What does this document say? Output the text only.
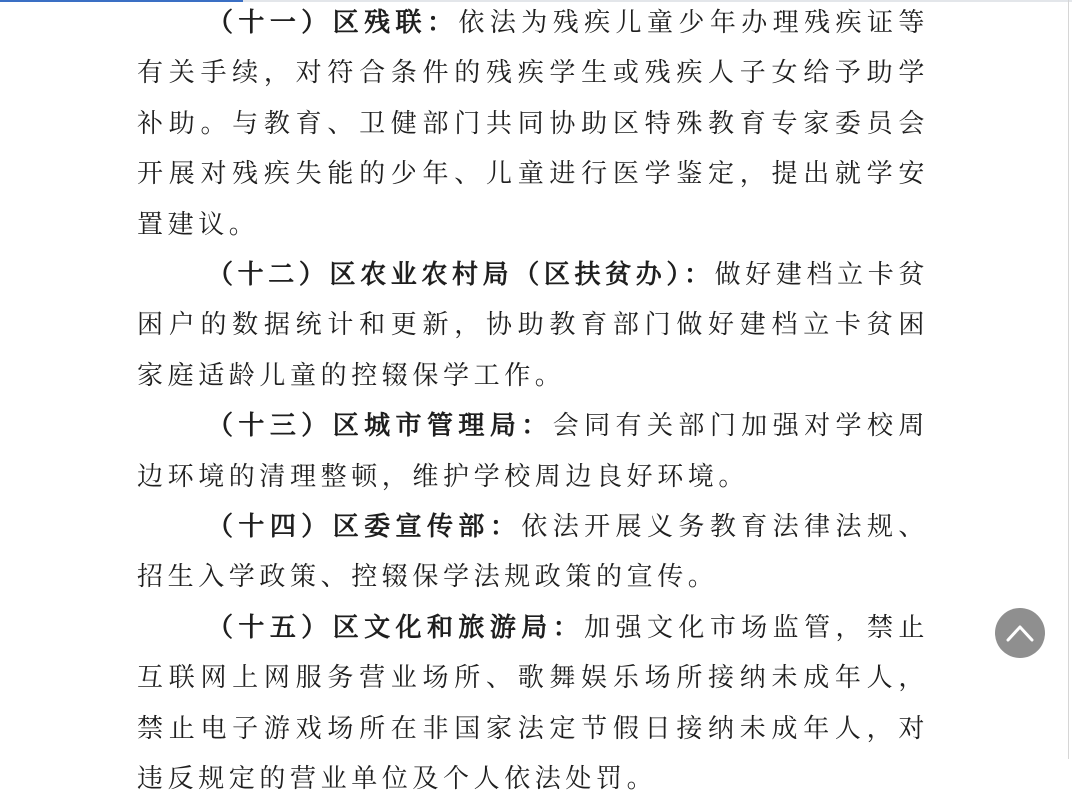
（十一）区残联：依法为残疾儿童少年办理残疾证等有关手续，对符合条件的残疾学生或残疾人子女给予助学补助。与教育、卫健部门共同协助区特殊教育专家委员会开展对残疾失能的少年、儿童进行医学鉴定，提出就学安置建议。

（十二）区农业农村局（区扶贫办）：做好建档立卡贫困户的数据统计和更新，协助教育部门做好建档立卡贫困家庭适龄儿童的控辍保学工作。

（十三）区城市管理局：会同有关部门加强对学校周边环境的清理整顿，维护学校周边良好环境。

（十四）区委宣传部：依法开展义务教育法律法规、招生入学政策、控辍保学法规政策的宣传。

（十五）区文化和旅游局：加强文化市场监管，禁止互联网上网服务营业场所、歌舞娱乐场所接纳未成年人，禁止电子游戏场所在非国家法定节假日接纳未成年人，对违反规定的营业单位及个人依法处罚。
